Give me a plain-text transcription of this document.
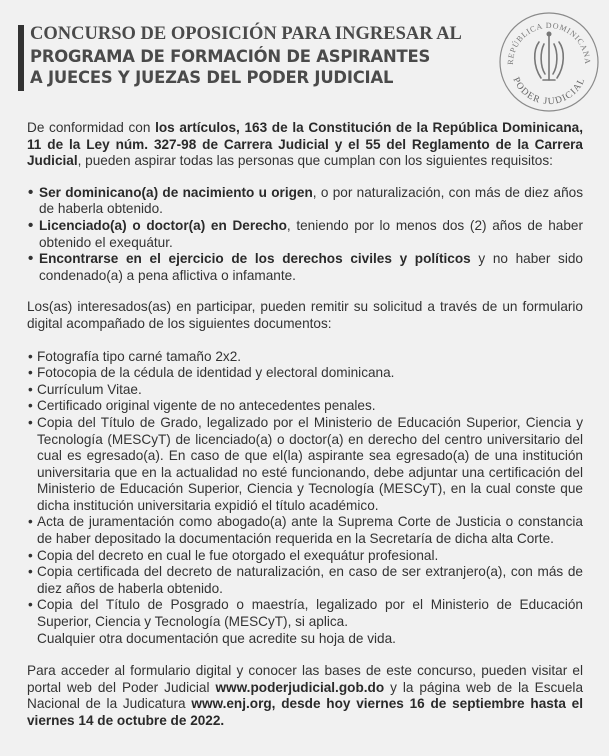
CONCURSO DE OPOSICIÓN PARA INGRESAR AL
PROGRAMA DE FORMACIÓN DE ASPIRANTES
A JUECES Y JUEZAS DEL PODER JUDICIAL
REPÚBLICA DOMINICANA
PODER JUDICIAL

De conformidad con los artículos, 163 de la Constitución de la República Dominicana, 11 de la Ley núm. 327-98 de Carrera Judicial y el 55 del Reglamento de la Carrera Judicial, pueden aspirar todas las personas que cumplan con los siguientes requisitos:

• Ser dominicano(a) de nacimiento u origen, o por naturalización, con más de diez años de haberla obtenido.
• Licenciado(a) o doctor(a) en Derecho, teniendo por lo menos dos (2) años de haber obtenido el exequátur.
• Encontrarse en el ejercicio de los derechos civiles y políticos y no haber sido condenado(a) a pena aflictiva o infamante.

Los(as) interesados(as) en participar, pueden remitir su solicitud a través de un formulario digital acompañado de los siguientes documentos:

• Fotografía tipo carné tamaño 2x2.
• Fotocopia de la cédula de identidad y electoral dominicana.
• Currículum Vitae.
• Certificado original vigente de no antecedentes penales.
• Copia del Título de Grado, legalizado por el Ministerio de Educación Superior, Ciencia y Tecnología (MESCyT) de licenciado(a) o doctor(a) en derecho del centro universitario del cual es egresado(a). En caso de que el(la) aspirante sea egresado(a) de una institución universitaria que en la actualidad no esté funcionando, debe adjuntar una certificación del Ministerio de Educación Superior, Ciencia y Tecnología (MESCyT), en la cual conste que dicha institución universitaria expidió el título académico.
• Acta de juramentación como abogado(a) ante la Suprema Corte de Justicia o constancia de haber depositado la documentación requerida en la Secretaría de dicha alta Corte.
• Copia del decreto en cual le fue otorgado el exequátur profesional.
• Copia certificada del decreto de naturalización, en caso de ser extranjero(a), con más de diez años de haberla obtenido.
• Copia del Título de Posgrado o maestría, legalizado por el Ministerio de Educación Superior, Ciencia y Tecnología (MESCyT), si aplica.
Cualquier otra documentación que acredite su hoja de vida.

Para acceder al formulario digital y conocer las bases de este concurso, pueden visitar el portal web del Poder Judicial www.poderjudicial.gob.do y la página web de la Escuela Nacional de la Judicatura www.enj.org, desde hoy viernes 16 de septiembre hasta el viernes 14 de octubre de 2022.
